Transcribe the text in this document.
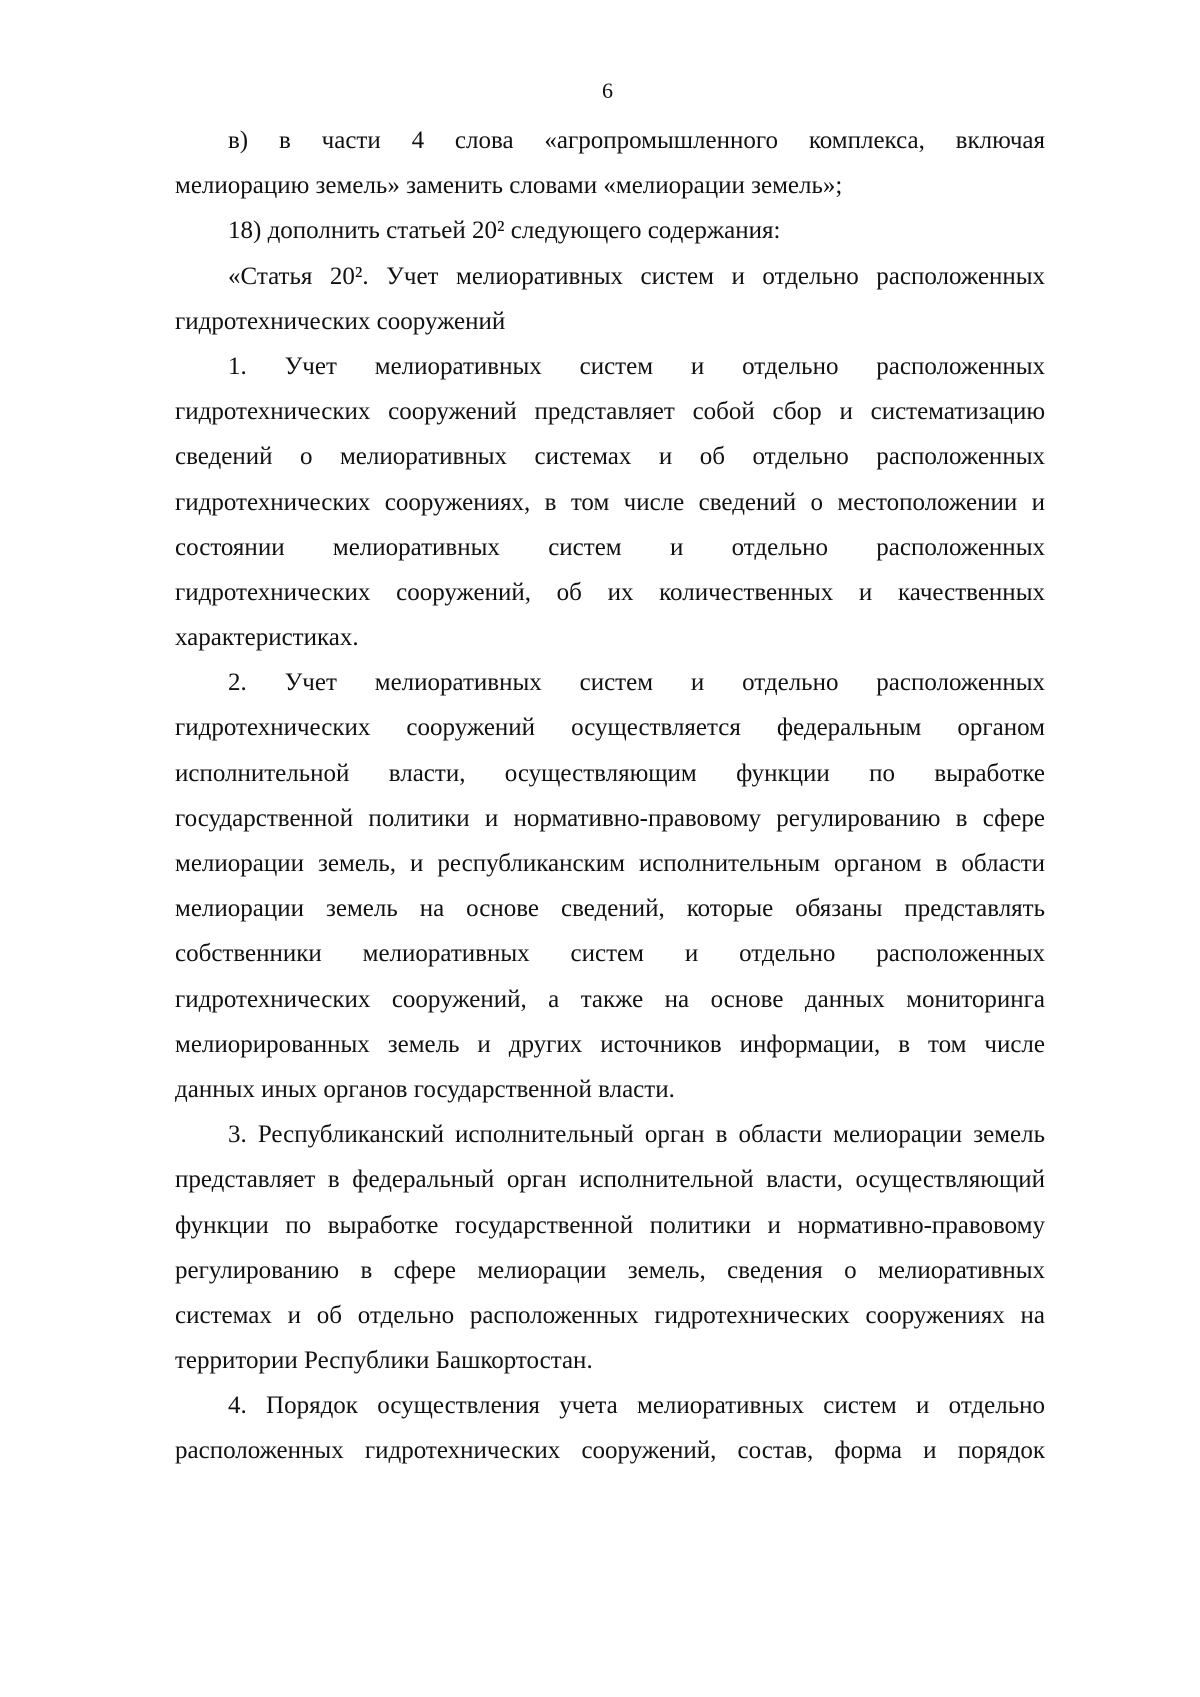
6
в) в части 4 слова «агропромышленного комплекса, включая
мелиорацию земель» заменить словами «мелиорации земель»;
18) дополнить статьей 20² следующего содержания:
«Статья 20². Учет мелиоративных систем и отдельно расположенных
гидротехнических сооружений
1. Учет мелиоративных систем и отдельно расположенных
гидротехнических сооружений представляет собой сбор и систематизацию
сведений о мелиоративных системах и об отдельно расположенных
гидротехнических сооружениях, в том числе сведений о местоположении и
состоянии мелиоративных систем и отдельно расположенных
гидротехнических сооружений, об их количественных и качественных
характеристиках.
2. Учет мелиоративных систем и отдельно расположенных
гидротехнических сооружений осуществляется федеральным органом
исполнительной власти, осуществляющим функции по выработке
государственной политики и нормативно-правовому регулированию в сфере
мелиорации земель, и республиканским исполнительным органом в области
мелиорации земель на основе сведений, которые обязаны представлять
собственники мелиоративных систем и отдельно расположенных
гидротехнических сооружений, а также на основе данных мониторинга
мелиорированных земель и других источников информации, в том числе
данных иных органов государственной власти.
3. Республиканский исполнительный орган в области мелиорации земель
представляет в федеральный орган исполнительной власти, осуществляющий
функции по выработке государственной политики и нормативно-правовому
регулированию в сфере мелиорации земель, сведения о мелиоративных
системах и об отдельно расположенных гидротехнических сооружениях на
территории Республики Башкортостан.
4. Порядок осуществления учета мелиоративных систем и отдельно
расположенных гидротехнических сооружений, состав, форма и порядок
